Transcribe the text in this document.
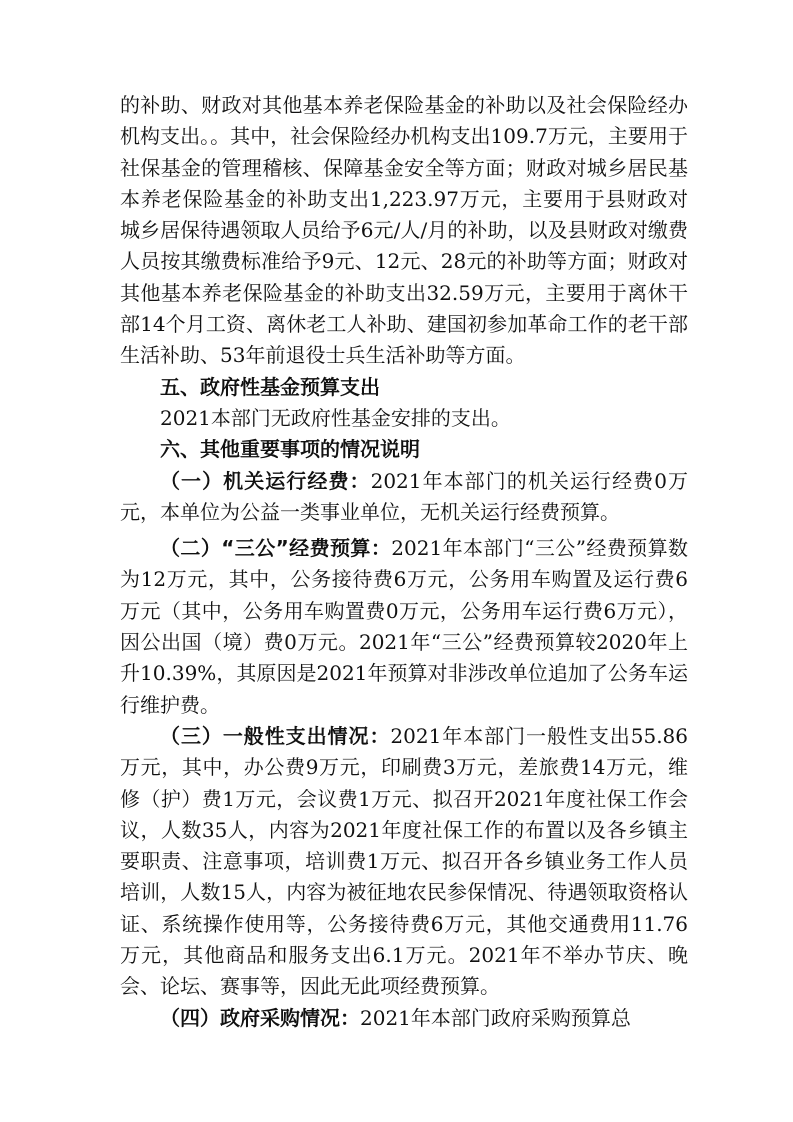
的补助、财政对其他基本养老保险基金的补助以及社会保险经办机构支出。。其中，社会保险经办机构支出109.7万元，主要用于社保基金的管理稽核、保障基金安全等方面；财政对城乡居民基本养老保险基金的补助支出1,223.97万元，主要用于县财政对城乡居保待遇领取人员给予6元/人/月的补助，以及县财政对缴费人员按其缴费标准给予9元、12元、28元的补助等方面；财政对其他基本养老保险基金的补助支出32.59万元，主要用于离休干部14个月工资、离休老工人补助、建国初参加革命工作的老干部生活补助、53年前退役士兵生活补助等方面。

五、政府性基金预算支出

2021本部门无政府性基金安排的支出。

六、其他重要事项的情况说明

（一）机关运行经费：2021年本部门的机关运行经费0万元，本单位为公益一类事业单位，无机关运行经费预算。

（二）“三公”经费预算：2021年本部门“三公”经费预算数为12万元，其中，公务接待费6万元，公务用车购置及运行费6万元（其中，公务用车购置费0万元，公务用车运行费6万元），因公出国（境）费0万元。2021年“三公”经费预算较2020年上升10.39%，其原因是2021年预算对非涉改单位追加了公务车运行维护费。

（三）一般性支出情况：2021年本部门一般性支出55.86万元，其中，办公费9万元，印刷费3万元，差旅费14万元，维修（护）费1万元，会议费1万元、拟召开2021年度社保工作会议，人数35人，内容为2021年度社保工作的布置以及各乡镇主要职责、注意事项，培训费1万元、拟召开各乡镇业务工作人员培训，人数15人，内容为被征地农民参保情况、待遇领取资格认证、系统操作使用等，公务接待费6万元，其他交通费用11.76万元，其他商品和服务支出6.1万元。2021年不举办节庆、晚会、论坛、赛事等，因此无此项经费预算。

（四）政府采购情况：2021年本部门政府采购预算总
